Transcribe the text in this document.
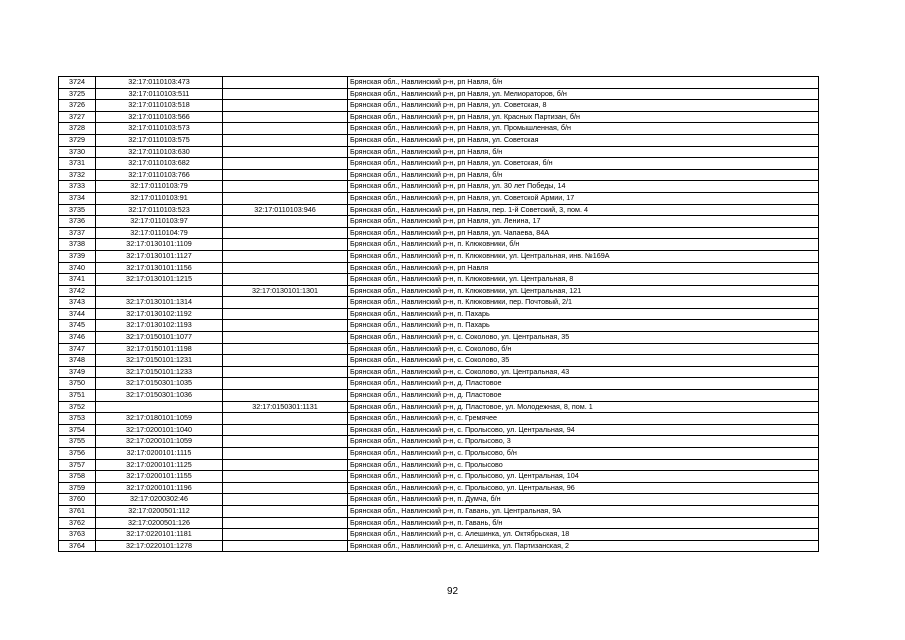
3724	32:17:0110103:473		Брянская обл., Навлинский р-н, рп Навля, б/н
3725	32:17:0110103:511		Брянская обл., Навлинский р-н, рп Навля, ул. Мелиораторов, б/н
3726	32:17:0110103:518		Брянская обл., Навлинский р-н, рп Навля, ул. Советская, 8
3727	32:17:0110103:566		Брянская обл., Навлинский р-н, рп Навля, ул. Красных Партизан, б/н
3728	32:17:0110103:573		Брянская обл., Навлинский р-н, рп Навля, ул. Промышленная, б/н
3729	32:17:0110103:575		Брянская обл., Навлинский р-н, рп Навля, ул. Советская
3730	32:17:0110103:630		Брянская обл., Навлинский р-н, рп Навля, б/н
3731	32:17:0110103:682		Брянская обл., Навлинский р-н, рп Навля, ул. Советская, б/н
3732	32:17:0110103:766		Брянская обл., Навлинский р-н, рп Навля, б/н
3733	32:17:0110103:79		Брянская обл., Навлинский р-н, рп Навля, ул. 30 лет Победы, 14
3734	32:17:0110103:91		Брянская обл., Навлинский р-н, рп Навля, ул. Советской Армии, 17
3735	32:17:0110103:523	32:17:0110103:946	Брянская обл., Навлинский р-н, рп Навля, пер. 1-й Советский, 3, пом. 4
3736	32:17:0110103:97		Брянская обл., Навлинский р-н, рп Навля, ул. Ленина, 17
3737	32:17:0110104:79		Брянская обл., Навлинский р-н, рп Навля, ул. Чапаева, 84А
3738	32:17:0130101:1109		Брянская обл., Навлинский р-н, п. Клюковники, б/н
3739	32:17:0130101:1127		Брянская обл., Навлинский р-н, п. Клюковники, ул. Центральная, инв. №169А
3740	32:17:0130101:1156		Брянская обл., Навлинский р-н, рп Навля
3741	32:17:0130101:1215		Брянская обл., Навлинский р-н, п. Клюковники, ул. Центральная, 8
3742		32:17:0130101:1301	Брянская обл., Навлинский р-н, п. Клюковники, ул. Центральная, 121
3743	32:17:0130101:1314		Брянская обл., Навлинский р-н, п. Клюковники, пер. Почтовый, 2/1
3744	32:17:0130102:1192		Брянская обл., Навлинский р-н, п. Пахарь
3745	32:17:0130102:1193		Брянская обл., Навлинский р-н, п. Пахарь
3746	32:17:0150101:1077		Брянская обл., Навлинский р-н, с. Соколово, ул. Центральная, 35
3747	32:17:0150101:1198		Брянская обл., Навлинский р-н, с. Соколово, б/н
3748	32:17:0150101:1231		Брянская обл., Навлинский р-н, с. Соколово, 35
3749	32:17:0150101:1233		Брянская обл., Навлинский р-н, с. Соколово, ул. Центральная, 43
3750	32:17:0150301:1035		Брянская обл., Навлинский р-н, д. Пластовое
3751	32:17:0150301:1036		Брянская обл., Навлинский р-н, д. Пластовое
3752		32:17:0150301:1131	Брянская обл., Навлинский р-н, д. Пластовое, ул. Молодежная, 8, пом. 1
3753	32:17:0180101:1059		Брянская обл., Навлинский р-н, с. Гремячее
3754	32:17:0200101:1040		Брянская обл., Навлинский р-н, с. Пролысово, ул. Центральная, 94
3755	32:17:0200101:1059		Брянская обл., Навлинский р-н, с. Пролысово, 3
3756	32:17:0200101:1115		Брянская обл., Навлинский р-н, с. Пролысово, б/н
3757	32:17:0200101:1125		Брянская обл., Навлинский р-н, с. Пролысово
3758	32:17:0200101:1155		Брянская обл., Навлинский р-н, с. Пролысово, ул. Центральная, 104
3759	32:17:0200101:1196		Брянская обл., Навлинский р-н, с. Пролысово, ул. Центральная, 96
3760	32:17:0200302:46		Брянская обл., Навлинский р-н, п. Думча, б/н
3761	32:17:0200501:112		Брянская обл., Навлинский р-н, п. Гавань, ул. Центральная, 9А
3762	32:17:0200501:126		Брянская обл., Навлинский р-н, п. Гавань, б/н
3763	32:17:0220101:1181		Брянская обл., Навлинский р-н, с. Алешинка, ул. Октябрьская, 18
3764	32:17:0220101:1278		Брянская обл., Навлинский р-н, с. Алешинка, ул. Партизанская, 2
92
